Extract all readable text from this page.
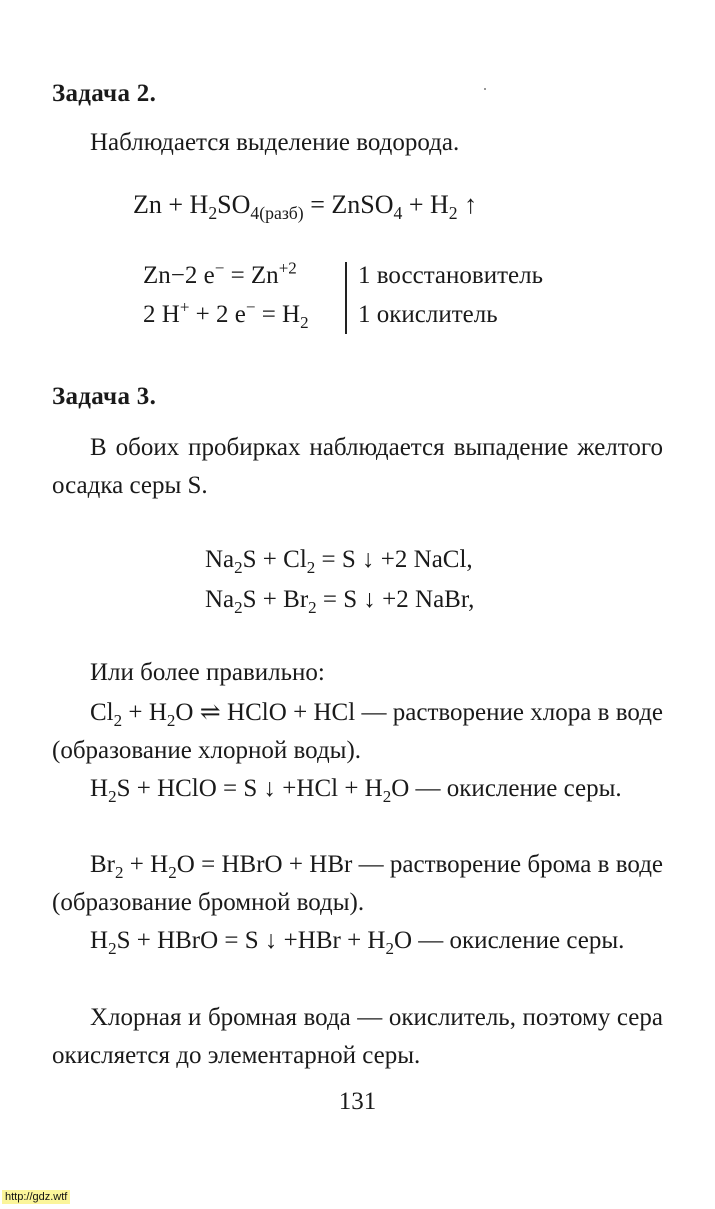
Задача 2.
Наблюдается выделение водорода.
$Zn + H_2SO_{4(разб)}$ = ZnSO$_4$ + $H_2$ ↑
Zn−2 $e^- = Zn^{+2}$ 1 восстановитель
2 H+ + 2 $e^- = H_2$ 1 окислитель
Задача 3.
В обоих пробирках наблюдается выпадение желтого осадка серы S.
$Na_2S + Cl_2 = S$ ↓ +2 NaCl,
$Na_2S + Br_2 = S$ ↓ +2 NaBr,
Или более правильно:
$Cl_2 + H_2O$ ⇌ HClO + HCl — растворение хлора в воде (образование хлорной воды).
$H_2S$ + HClO = S ↓ $+HCl + H_2O$ — окисление серы.
$Br_2 + H_2O$ = HBrO + HBr — растворение брома в воде (образование бромной воды).
$H_2S$ + HBrO = S ↓ $+HBr + H_2O$ — окисление серы.
Хлорная и бромная вода — окислитель, поэтому сера окисляется до элементарной серы.
131
http://gdz.wtf
